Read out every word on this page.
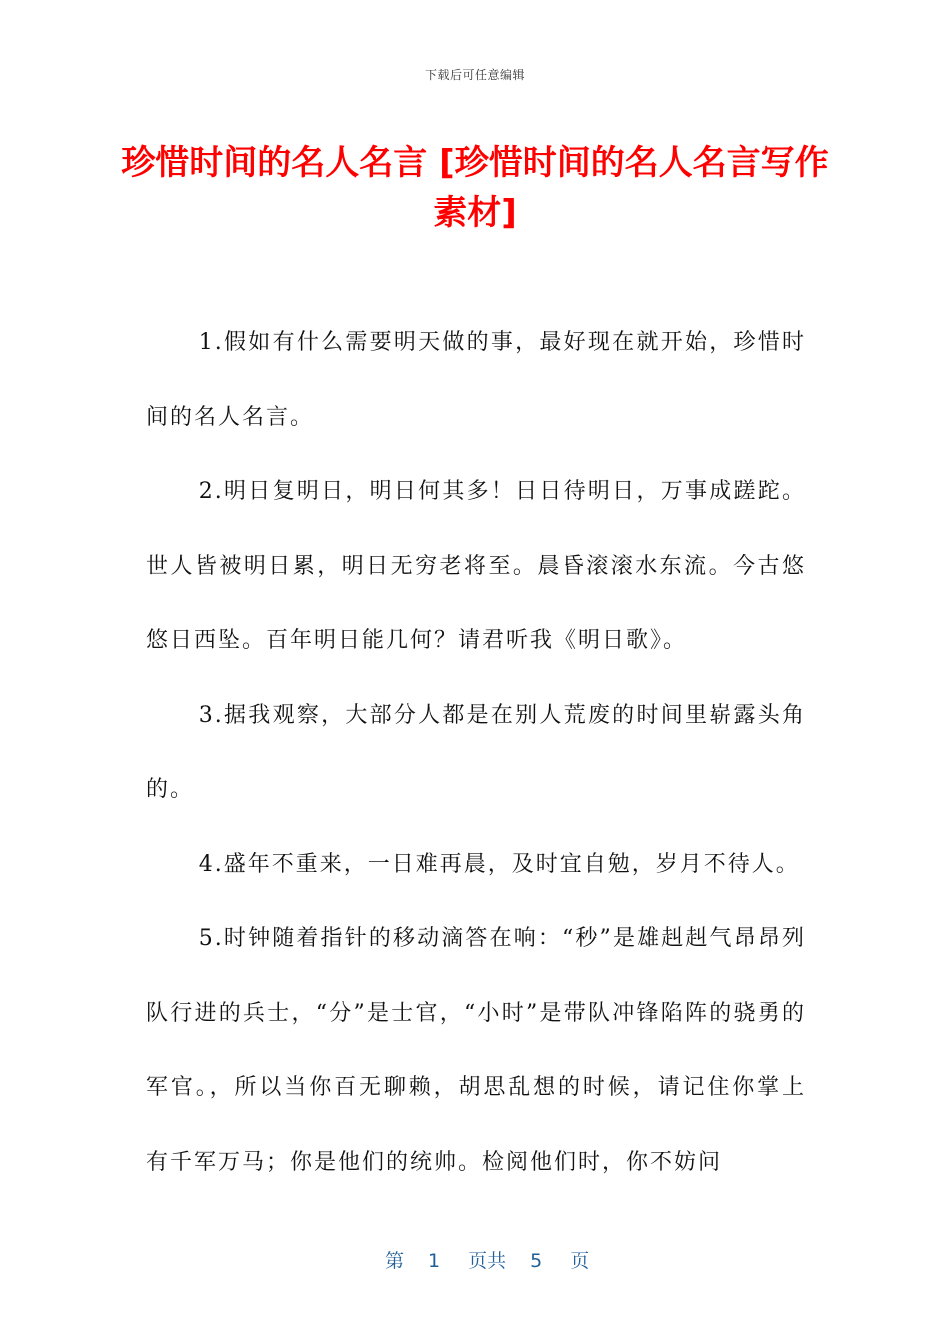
下载后可任意编辑
珍惜时间的名人名言 [珍惜时间的名人名言写作素材]

1.假如有什么需要明天做的事，最好现在就开始，珍惜时间的名人名言。

2.明日复明日，明日何其多！日日待明日，万事成蹉跎。世人皆被明日累，明日无穷老将至。晨昏滚滚水东流。今古悠悠日西坠。百年明日能几何？请君听我《明日歌》。

3.据我观察，大部分人都是在别人荒废的时间里崭露头角的。

4.盛年不重来，一日难再晨，及时宜自勉，岁月不待人。

5.时钟随着指针的移动滴答在响：“秒”是雄赳赳气昂昂列队行进的兵士，“分”是士官，“小时”是带队冲锋陷阵的骁勇的军官。，所以当你百无聊赖，胡思乱想的时候，请记住你掌上有千军万马；你是他们的统帅。检阅他们时，你不妨问

第 1 页共 5 页
